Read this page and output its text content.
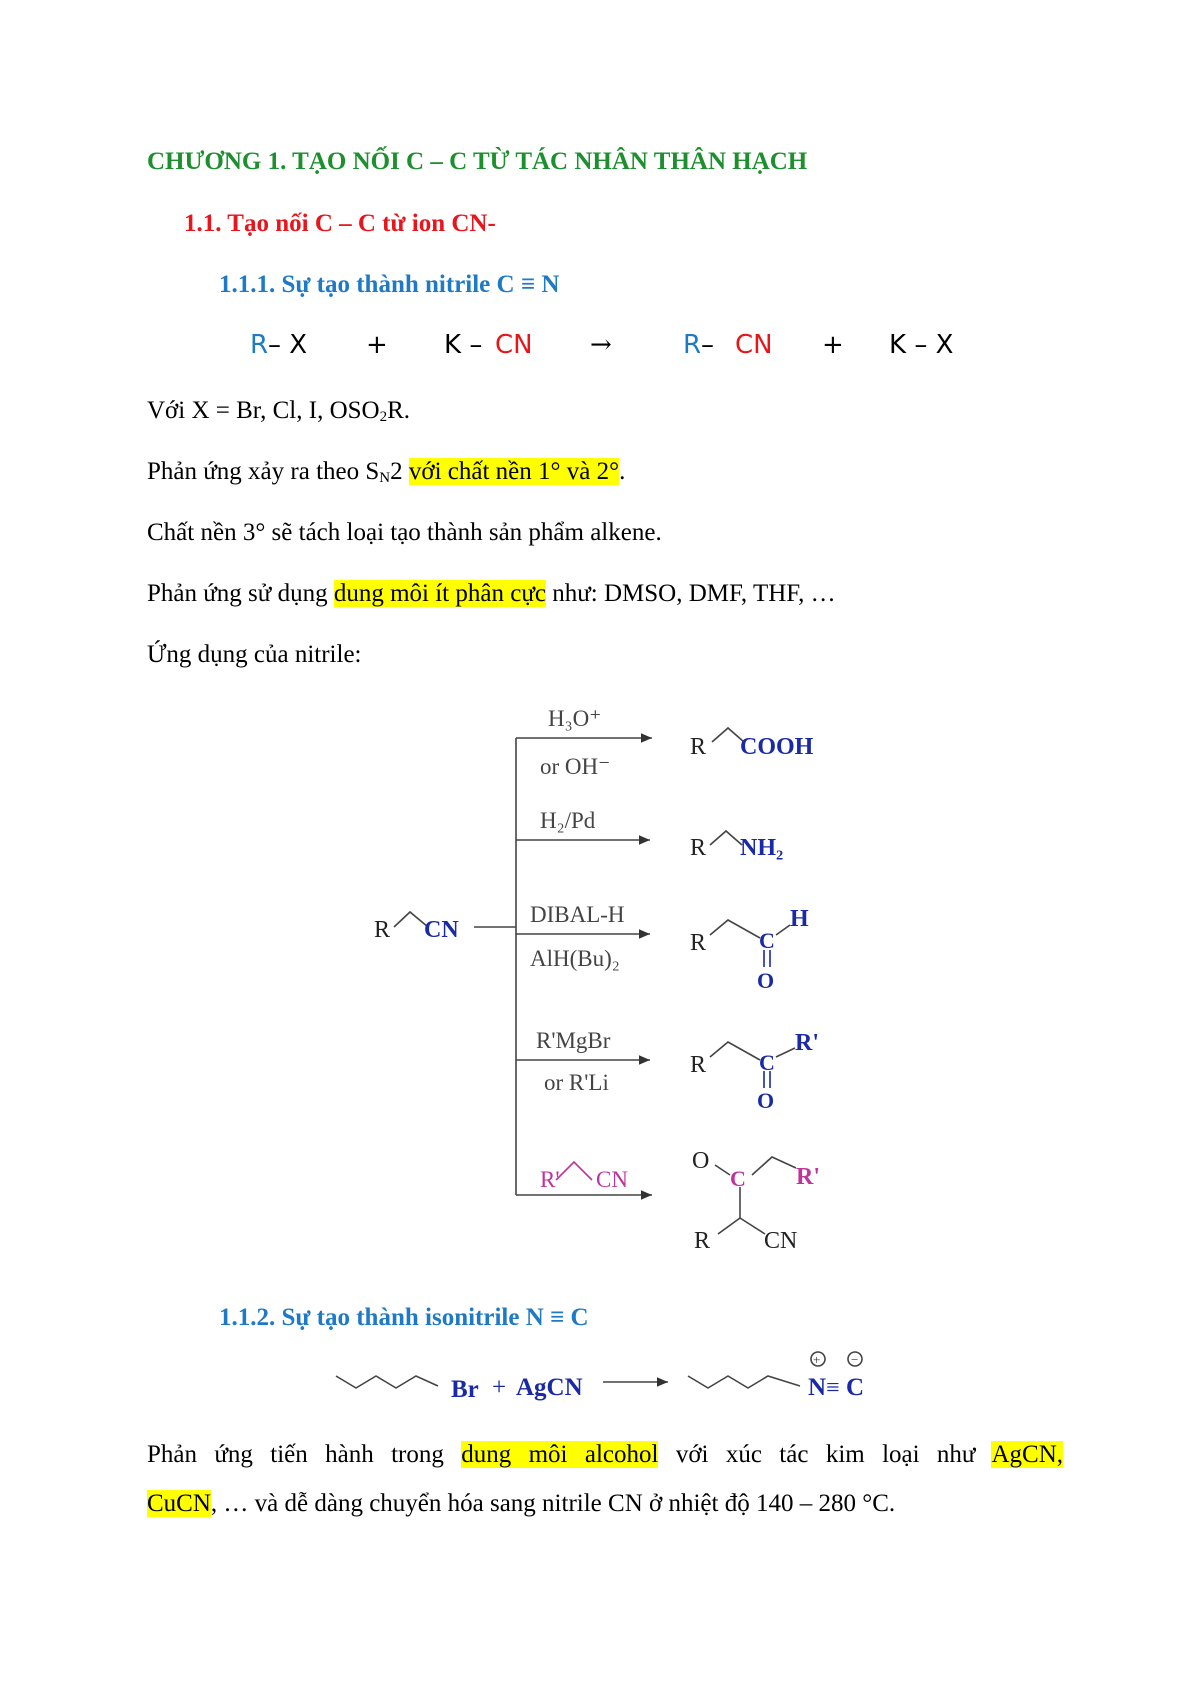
CHƯƠNG 1. TẠO NỐI C – C TỪ TÁC NHÂN THÂN HẠCH
1.1. Tạo nối C – C từ ion CN-
1.1.1. Sự tạo thành nitrile C ≡ N
R – X + K – CN →	R – CN + K – X
Với X = Br, Cl, I, $OSO_2R$.
Phản ứng xảy ra theo $S_N2$ với chất nền 1° và 2°.
Chất nền 3° sẽ tách loại tạo thành sản phẩm alkene.
Phản ứng sử dụng dung môi ít phân cực như: DMSO, DMF, THF, …
Ứng dụng của nitrile:
R CN
H₃O⁺
or OH⁻
H₂/Pd
DIBAL-H
AlH(Bu)₂
R'MgBr
or R'Li
R' CN
R COOH
R NH₂
R C
H
O
R C
R'
O
O
C R'
R CN
1.1.2. Sự tạo thành isonitrile N ≡ C
Br + AgCN	N ≡ C
+ −
Phản ứng tiến hành trong dung môi alcohol với xúc tác kim loại như AgCN,
CuCN, … và dễ dàng chuyển hóa sang nitrile CN ở nhiệt độ 140 – 280 °C.
